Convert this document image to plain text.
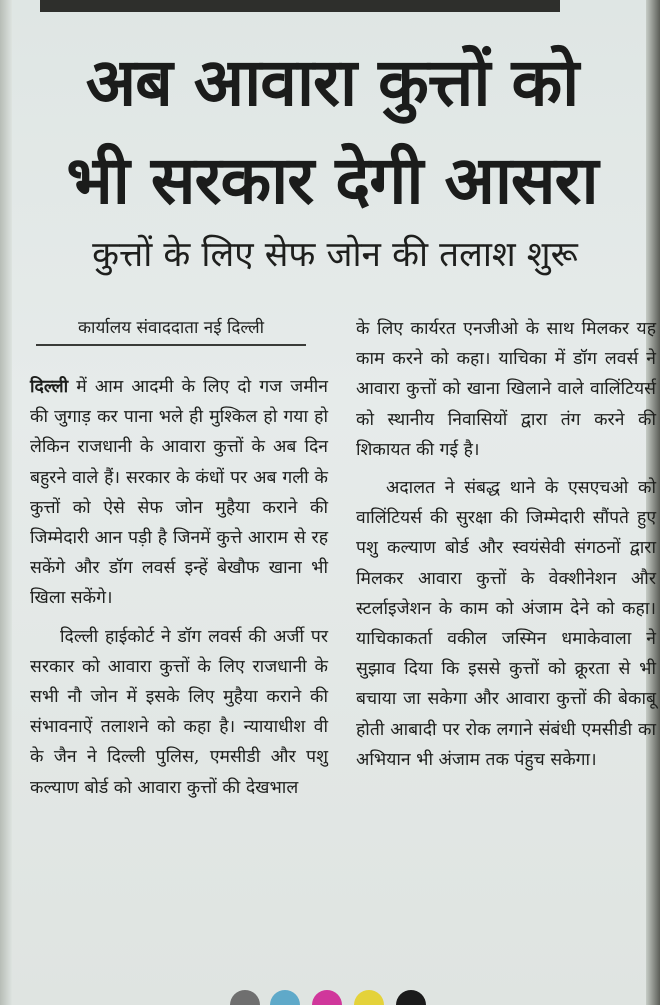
अब आवारा कुत्तों को
भी सरकार देगी आसरा
कुत्तों के लिए सेफ जोन की तलाश शुरू
कार्यालय संवाददाता नई दिल्ली

दिल्ली में आम आदमी के लिए दो गज जमीन की जुगाड़ कर पाना भले ही मुश्किल हो गया हो लेकिन राजधानी के आवारा कुत्तों के अब दिन बहुरने वाले हैं। सरकार के कंधों पर अब गली के कुत्तों को ऐसे सेफ जोन मुहैया कराने की जिम्मेदारी आन पड़ी है जिनमें कुत्ते आराम से रह सकेंगे और डॉग लवर्स इन्हें बेखौफ खाना भी खिला सकेंगे।

दिल्ली हाईकोर्ट ने डॉग लवर्स की अर्जी पर सरकार को आवारा कुत्तों के लिए राजधानी के सभी नौ जोन में इसके लिए मुहैया कराने की संभावनाऐं तलाशने को कहा है। न्यायाधीश वी के जैन ने दिल्ली पुलिस, एमसीडी और पशु कल्याण बोर्ड को आवारा कुत्तों की देखभाल

के लिए कार्यरत एनजीओ के साथ मिलकर यह काम करने को कहा। याचिका में डॉग लवर्स ने आवारा कुत्तों को खाना खिलाने वाले वालिंटियर्स को स्थानीय निवासियों द्वारा तंग करने की शिकायत की गई है।

अदालत ने संबद्ध थाने के एसएचओ को वालिंटियर्स की सुरक्षा की जिम्मेदारी सौंपते हुए पशु कल्याण बोर्ड और स्वयंसेवी संगठनों द्वारा मिलकर आवारा कुत्तों के वेक्शीनेशन और स्टर्लाइजेशन के काम को अंजाम देने को कहा। याचिकाकर्ता वकील जस्मिन धमाकेवाला ने सुझाव दिया कि इससे कुत्तों को क्रूरता से भी बचाया जा सकेगा और आवारा कुत्तों की बेकाबू होती आबादी पर रोक लगाने संबंधी एमसीडी का अभियान भी अंजाम तक पंहुच सकेगा।
